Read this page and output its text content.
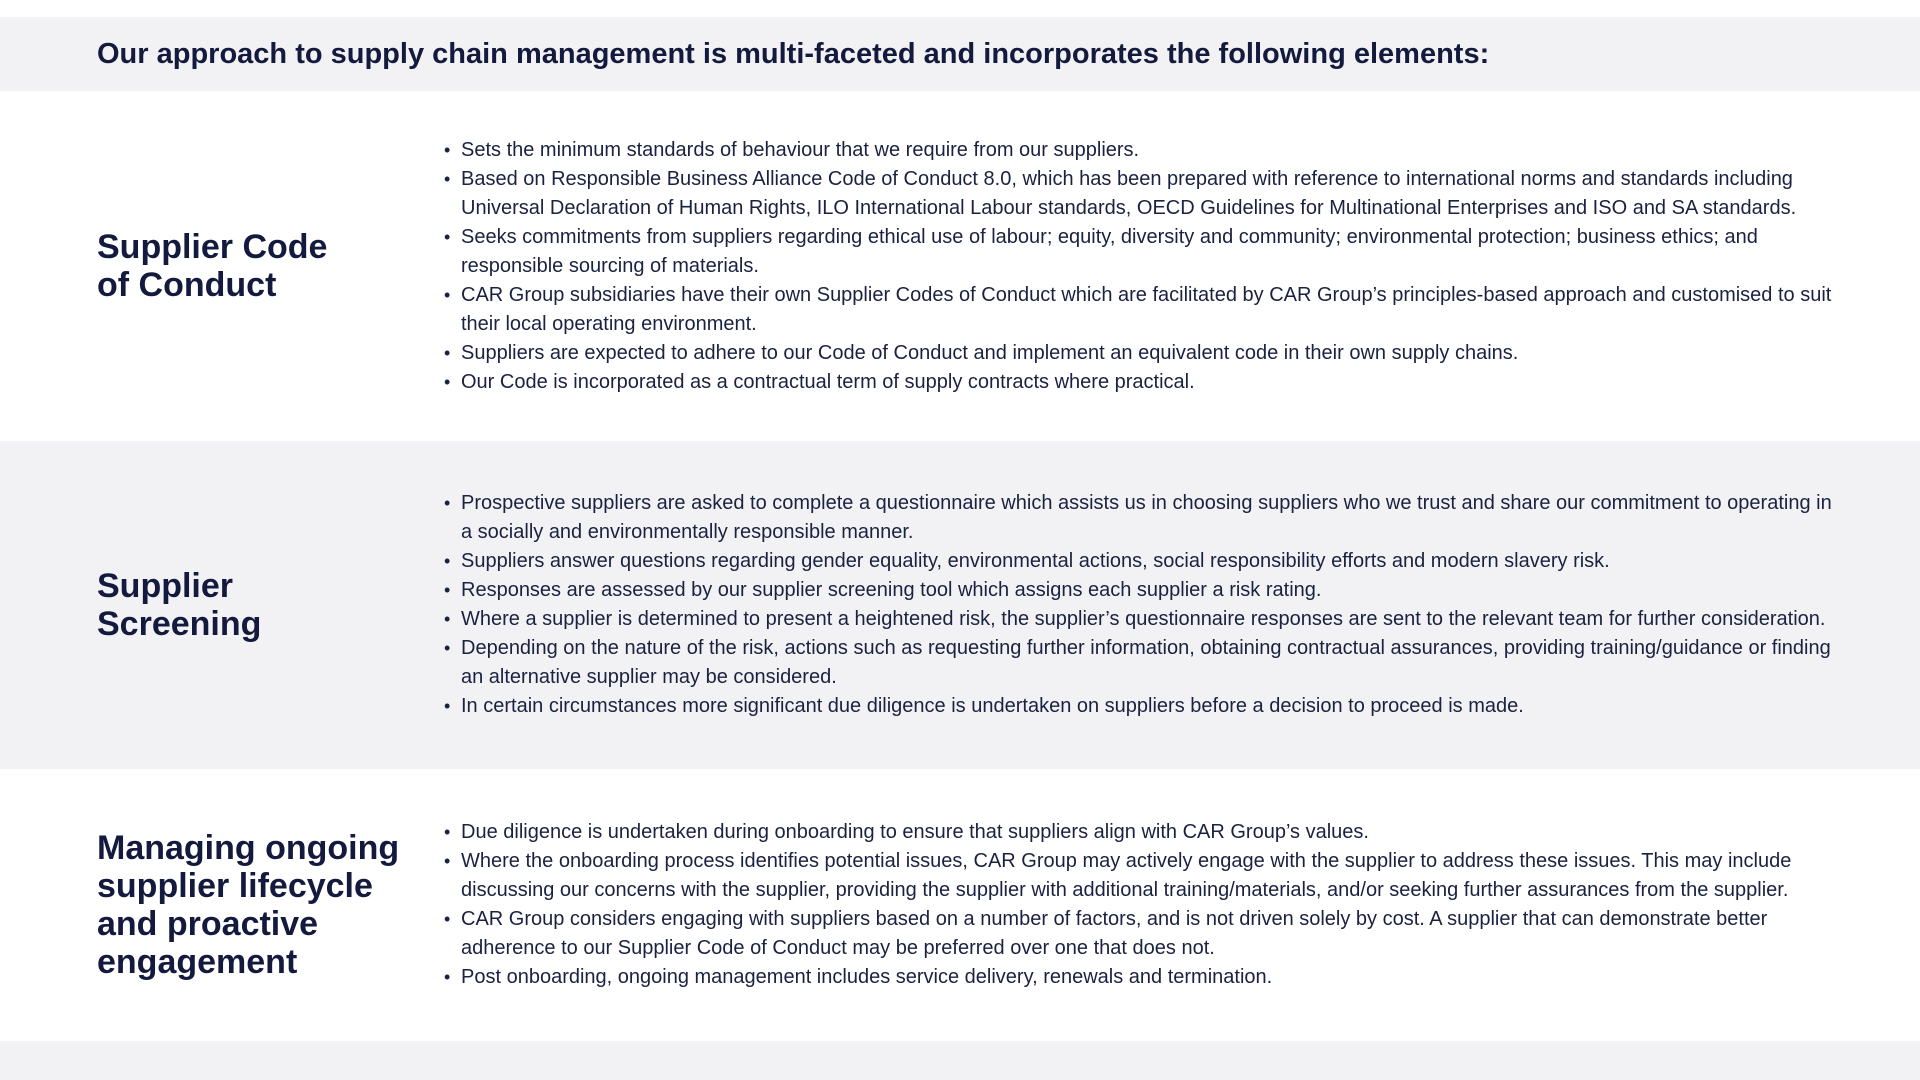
Our approach to supply chain management is multi-faceted and incorporates the following elements:
Supplier Code
of Conduct
• Sets the minimum standards of behaviour that we require from our suppliers.
• Based on Responsible Business Alliance Code of Conduct 8.0, which has been prepared with reference to international norms and standards including Universal Declaration of Human Rights, ILO International Labour standards, OECD Guidelines for Multinational Enterprises and ISO and SA standards.
• Seeks commitments from suppliers regarding ethical use of labour; equity, diversity and community; environmental protection; business ethics; and responsible sourcing of materials.
• CAR Group subsidiaries have their own Supplier Codes of Conduct which are facilitated by CAR Group’s principles-based approach and customised to suit their local operating environment.
• Suppliers are expected to adhere to our Code of Conduct and implement an equivalent code in their own supply chains.
• Our Code is incorporated as a contractual term of supply contracts where practical.
Supplier
Screening
• Prospective suppliers are asked to complete a questionnaire which assists us in choosing suppliers who we trust and share our commitment to operating in a socially and environmentally responsible manner.
• Suppliers answer questions regarding gender equality, environmental actions, social responsibility efforts and modern slavery risk.
• Responses are assessed by our supplier screening tool which assigns each supplier a risk rating.
• Where a supplier is determined to present a heightened risk, the supplier’s questionnaire responses are sent to the relevant team for further consideration.
• Depending on the nature of the risk, actions such as requesting further information, obtaining contractual assurances, providing training/guidance or finding an alternative supplier may be considered.
• In certain circumstances more significant due diligence is undertaken on suppliers before a decision to proceed is made.
Managing ongoing
supplier lifecycle
and proactive
engagement
• Due diligence is undertaken during onboarding to ensure that suppliers align with CAR Group’s values.
• Where the onboarding process identifies potential issues, CAR Group may actively engage with the supplier to address these issues. This may include discussing our concerns with the supplier, providing the supplier with additional training/materials, and/or seeking further assurances from the supplier.
• CAR Group considers engaging with suppliers based on a number of factors, and is not driven solely by cost. A supplier that can demonstrate better adherence to our Supplier Code of Conduct may be preferred over one that does not.
• Post onboarding, ongoing management includes service delivery, renewals and termination.
